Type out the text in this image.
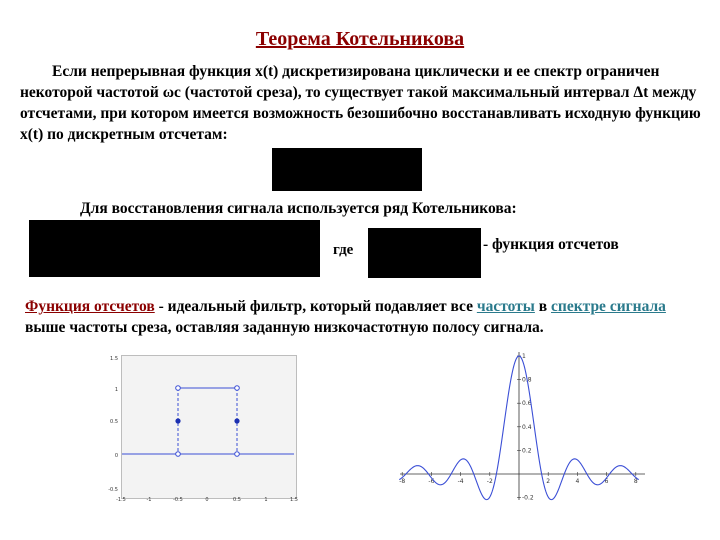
Теорема Котельникова
Если непрерывная функция x(t) дискретизирована циклически и ее спектр ограничен некоторой частотой ωc (частотой среза), то существует такой максимальный интервал Δt между отсчетами, при котором имеется возможность безошибочно восстанавливать исходную функцию x(t) по дискретным отсчетам:
Для восстановления сигнала используется ряд Котельникова:
где	- функция отсчетов
Функция отсчетов - идеальный фильтр, который подавляет все частоты в спектре сигнала выше частоты среза, оставляя заданную низкочастотную полосу сигнала.
1.5
1
0.5
0
-0.5
-1.5	-1	-0.5	0	0.5	1	1.5
1
0.8
0.6
0.4
0.2
-0.2
-8	-6	-4	-2	2	4	6	8
